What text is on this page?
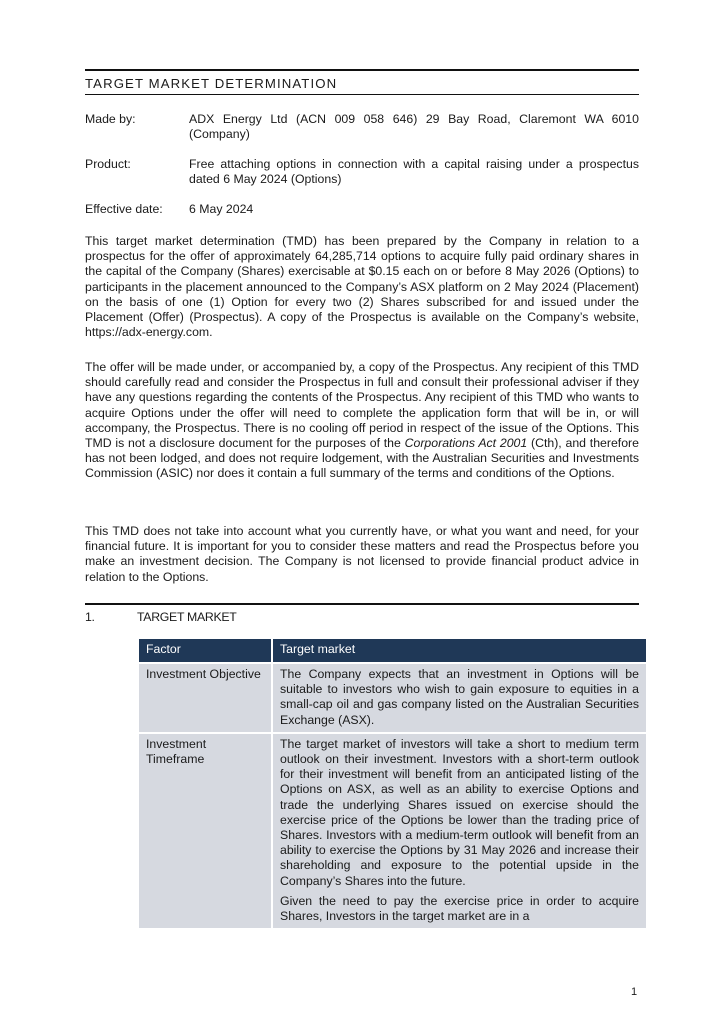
TARGET MARKET DETERMINATION
Made by:	ADX Energy Ltd (ACN 009 058 646) 29 Bay Road, Claremont WA 6010 (Company)
Product:	Free attaching options in connection with a capital raising under a prospectus dated 6 May 2024 (Options)
Effective date:	6 May 2024
This target market determination (TMD) has been prepared by the Company in relation to a prospectus for the offer of approximately 64,285,714 options to acquire fully paid ordinary shares in the capital of the Company (Shares) exercisable at $0.15 each on or before 8 May 2026 (Options) to participants in the placement announced to the Company’s ASX platform on 2 May 2024 (Placement) on the basis of one (1) Option for every two (2) Shares subscribed for and issued under the Placement (Offer) (Prospectus). A copy of the Prospectus is available on the Company’s website, https://adx-energy.com.
The offer will be made under, or accompanied by, a copy of the Prospectus. Any recipient of this TMD should carefully read and consider the Prospectus in full and consult their professional adviser if they have any questions regarding the contents of the Prospectus. Any recipient of this TMD who wants to acquire Options under the offer will need to complete the application form that will be in, or will accompany, the Prospectus. There is no cooling off period in respect of the issue of the Options. This TMD is not a disclosure document for the purposes of the Corporations Act 2001 (Cth), and therefore has not been lodged, and does not require lodgement, with the Australian Securities and Investments Commission (ASIC) nor does it contain a full summary of the terms and conditions of the Options.
This TMD does not take into account what you currently have, or what you want and need, for your financial future. It is important for you to consider these matters and read the Prospectus before you make an investment decision. The Company is not licensed to provide financial product advice in relation to the Options.
1.	TARGET MARKET
Factor	Target market
Investment Objective	The Company expects that an investment in Options will be suitable to investors who wish to gain exposure to equities in a small-cap oil and gas company listed on the Australian Securities Exchange (ASX).

Investment Timeframe	The target market of investors will take a short to medium term outlook on their investment. Investors with a short-term outlook for their investment will benefit from an anticipated listing of the Options on ASX, as well as an ability to exercise Options and trade the underlying Shares issued on exercise should the exercise price of the Options be lower than the trading price of Shares. Investors with a medium-term outlook will benefit from an ability to exercise the Options by 31 May 2026 and increase their shareholding and exposure to the potential upside in the Company’s Shares into the future.
Given the need to pay the exercise price in order to acquire Shares, Investors in the target market are in a
1
